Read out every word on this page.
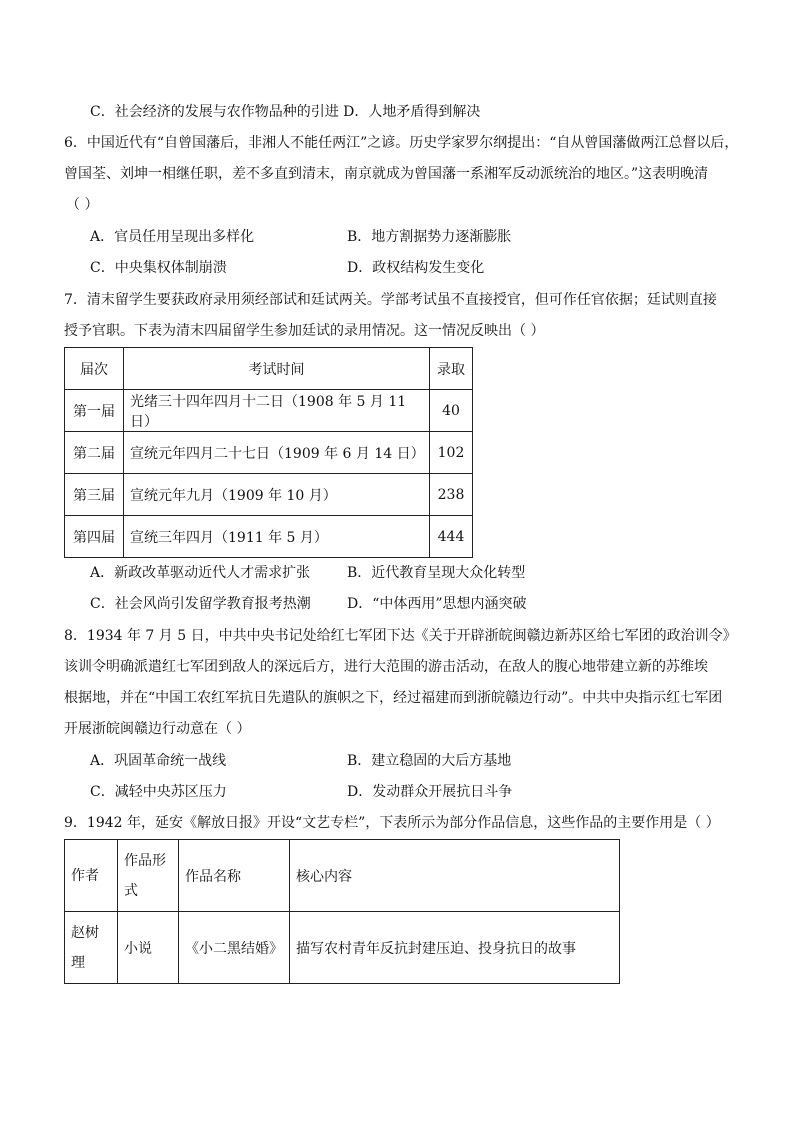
C．社会经济的发展与农作物品种的引进 D．人地矛盾得到解决
6．中国近代有“自曾国藩后，非湘人不能任两江”之谚。历史学家罗尔纲提出：“自从曾国藩做两江总督以后，
曾国荃、刘坤一相继任职，差不多直到清末，南京就成为曾国藩一系湘军反动派统治的地区。”这表明晚清
（ ）
A．官员任用呈现出多样化	B．地方割据势力逐渐膨胀
C．中央集权体制崩溃	D．政权结构发生变化
7．清末留学生要获政府录用须经部试和廷试两关。学部考试虽不直接授官，但可作任官依据；廷试则直接
授予官职。下表为清末四届留学生参加廷试的录用情况。这一情况反映出（ ）
届次	考试时间	录取
第一届	光绪三十四年四月十二日（1908 年 5 月 11 日）	40
第二届	宣统元年四月二十七日（1909 年 6 月 14 日）	102
第三届	宣统元年九月（1909 年 10 月）	238
第四届	宣统三年四月（1911 年 5 月）	444
A．新政改革驱动近代人才需求扩张	B．近代教育呈现大众化转型
C．社会风尚引发留学教育报考热潮	D．“中体西用”思想内涵突破
8．1934 年 7 月 5 日，中共中央书记处给红七军团下达《关于开辟浙皖闽赣边新苏区给七军团的政治训令》
该训令明确派遣红七军团到敌人的深远后方，进行大范围的游击活动，在敌人的腹心地带建立新的苏维埃
根据地，并在“中国工农红军抗日先遣队的旗帜之下，经过福建而到浙皖赣边行动”。中共中央指示红七军团
开展浙皖闽赣边行动意在（ ）
A．巩固革命统一战线	B．建立稳固的大后方基地
C．减轻中央苏区压力	D．发动群众开展抗日斗争
9．1942 年，延安《解放日报》开设“文艺专栏”，下表所示为部分作品信息，这些作品的主要作用是（ ）
作者	作品形式	作品名称	核心内容
赵树理	小说	《小二黑结婚》	描写农村青年反抗封建压迫、投身抗日的故事
